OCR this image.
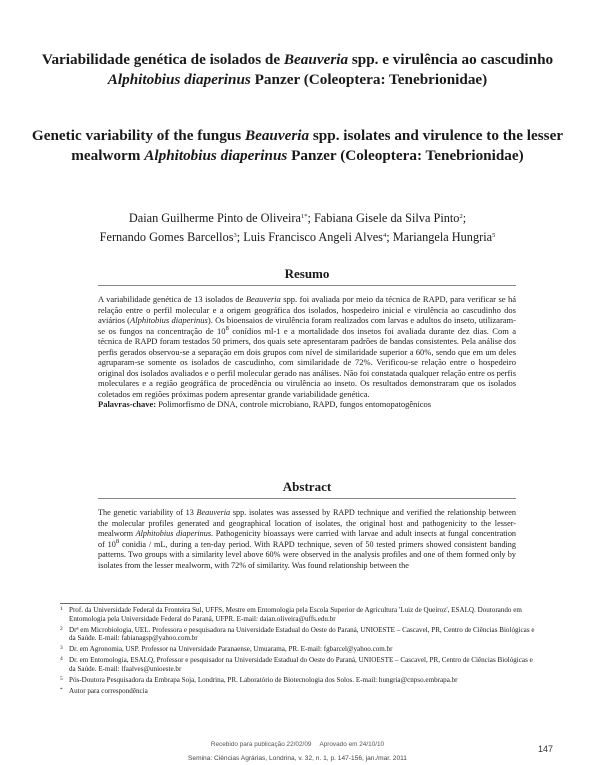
Variabilidade genética de isolados de Beauveria spp. e virulência ao cascudinho Alphitobius diaperinus Panzer (Coleoptera: Tenebrionidae)
Genetic variability of the fungus Beauveria spp. isolates and virulence to the lesser mealworm Alphitobius diaperinus Panzer (Coleoptera: Tenebrionidae)
Daian Guilherme Pinto de Oliveira$^{1*}$; Fabiana Gisele da Silva Pinto$^2$;
Fernando Gomes Barcellos$^3$; Luis Francisco Angeli Alves$^4$; Mariangela Hungria$^5$
Resumo
A variabilidade genética de 13 isolados de Beauveria spp. foi avaliada por meio da técnica de RAPD, para verificar se há relação entre o perfil molecular e a origem geográfica dos isolados, hospedeiro inicial e virulência ao cascudinho dos aviários (Alphitobius diaperinus). Os bioensaios de virulência foram realizados com larvas e adultos do inseto, utilizaram-se os fungos na concentração de $10^8$ conídios ml-1 e a mortalidade dos insetos foi avaliada durante dez dias. Com a técnica de RAPD foram testados 50 primers, dos quais sete apresentaram padrões de bandas consistentes. Pela análise dos perfis gerados observou-se a separação em dois grupos com nível de similaridade superior a 60%, sendo que em um deles agruparam-se somente os isolados de cascudinho, com similaridade de 72%. Verificou-se relação entre o hospedeiro original dos isolados avaliados e o perfil molecular gerado nas análises. Não foi constatada qualquer relação entre os perfis moleculares e a região geográfica de procedência ou virulência ao inseto. Os resultados demonstraram que os isolados coletados em regiões próximas podem apresentar grande variabilidade genética.
Palavras-chave: Polimorfismo de DNA, controle microbiano, RAPD, fungos entomopatogênicos
Abstract
The genetic variability of 13 Beauveria spp. isolates was assessed by RAPD technique and verified the relationship between the molecular profiles generated and geographical location of isolates, the original host and pathogenicity to the lesser-mealworm Alphitobius diaperinus. Pathogenicity bioassays were carried with larvae and adult insects at fungal concentration of $10^8$ conidia / mL, during a ten-day period. With RAPD technique, seven of 50 tested primers showed consistent banding patterns. Two groups with a similarity level above 60% were observed in the analysis profiles and one of them formed only by isolates from the lesser mealworm, with 72% of similarity. Was found relationship between the
1 Prof. da Universidade Federal da Fronteira Sul, UFFS, Mestre em Entomologia pela Escola Superior de Agricultura 'Luiz de Queiroz', ESALQ. Doutorando em Entomologia pela Universidade Federal do Paraná, UFPR. E-mail: daian.oliveira@uffs.edu.br
2 Drª em Microbiologia, UEL. Professora e pesquisadora na Universidade Estadual do Oeste do Paraná, UNIOESTE – Cascavel, PR, Centro de Ciências Biológicas e da Saúde. E-mail: fabianagsp@yahoo.com.br
3 Dr. em Agronomia, USP. Professor na Universidade Paranaense, Umuarama, PR. E-mail: fgbarcel@yahoo.com.br
4 Dr. em Entomologia, ESALQ, Professor e pesquisador na Universidade Estadual do Oeste do Paraná, UNIOESTE – Cascavel, PR, Centro de Ciências Biológicas e da Saúde. E-mail: lfaalves@unioeste.br
5 Pós-Doutora Pesquisadora da Embrapa Soja, Londrina, PR. Laboratório de Biotecnologia dos Solos. E-mail: hungria@cnpso.embrapa.br
* Autor para correspondência
Recebido para publicação 22/02/09 Aprovado em 24/10/10	147
Semina: Ciências Agrárias, Londrina, v. 32, n. 1, p. 147-156, jan./mar. 2011
